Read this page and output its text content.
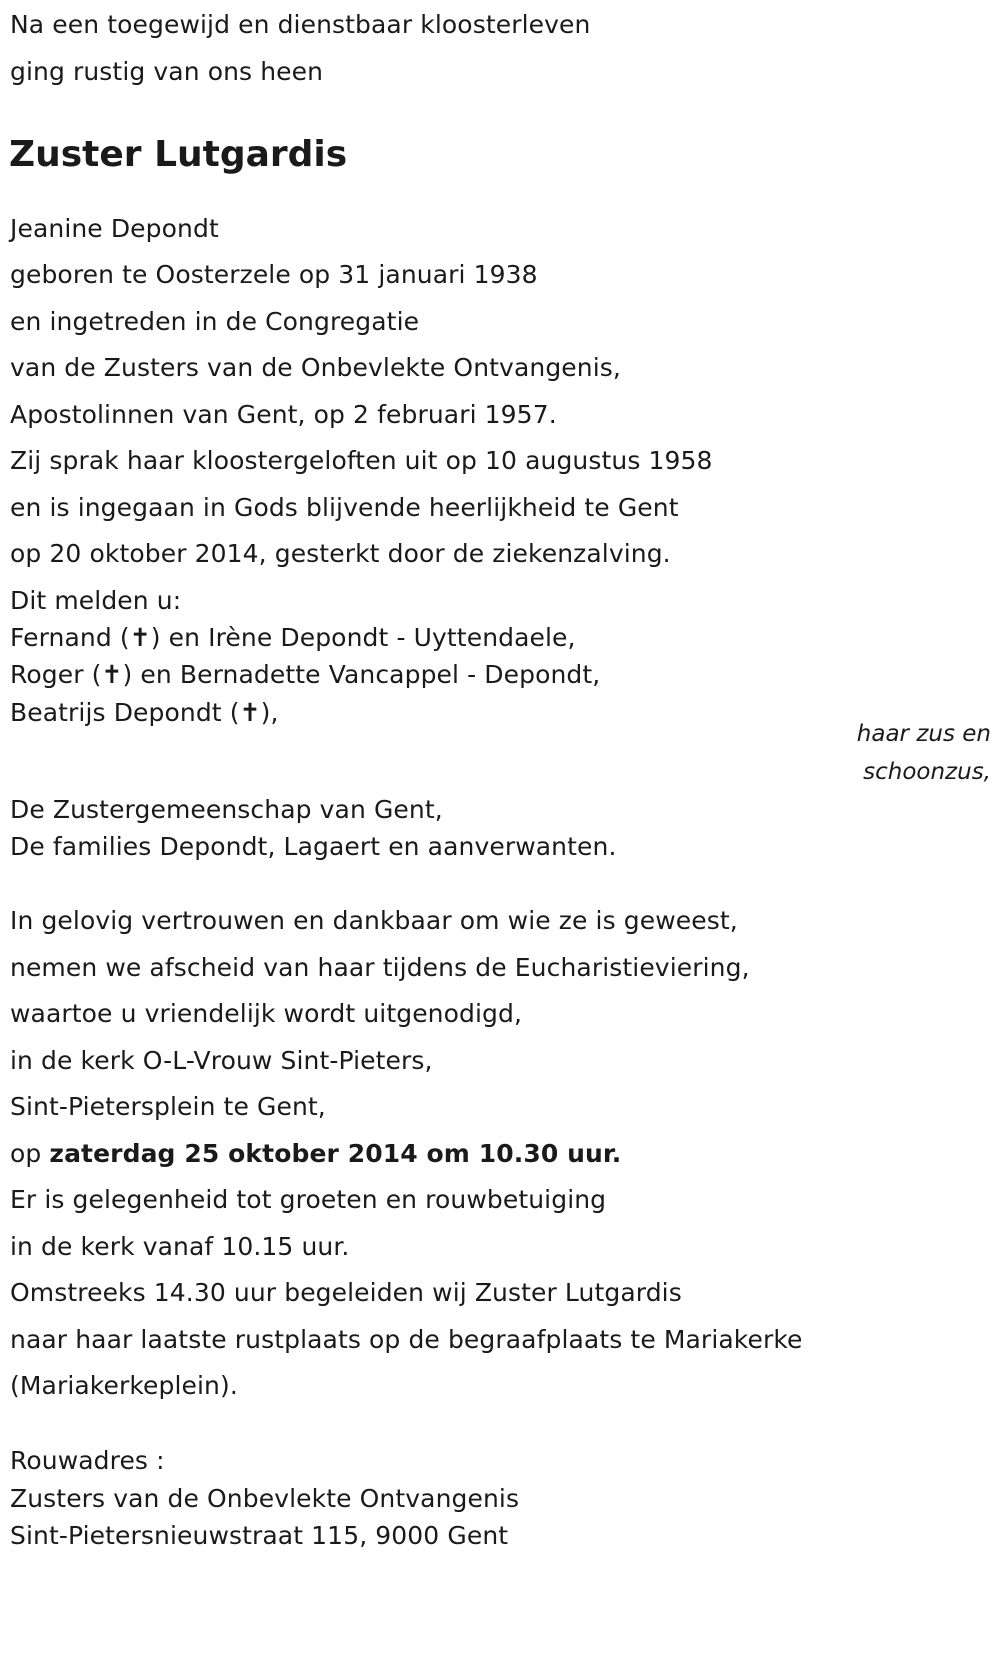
Na een toegewijd en dienstbaar kloosterleven
ging rustig van ons heen
Zuster Lutgardis
Jeanine Depondt
geboren te Oosterzele op 31 januari 1938
en ingetreden in de Congregatie
van de Zusters van de Onbevlekte Ontvangenis,
Apostolinnen van Gent, op 2 februari 1957.
Zij sprak haar kloostergeloften uit op 10 augustus 1958
en is ingegaan in Gods blijvende heerlijkheid te Gent
op 20 oktober 2014, gesterkt door de ziekenzalving.
Dit melden u:
Fernand (✝) en Irène Depondt - Uyttendaele,
Roger (✝) en Bernadette Vancappel - Depondt,
Beatrijs Depondt (✝),
haar zus en
schoonzus,
De Zustergemeenschap van Gent,
De families Depondt, Lagaert en aanverwanten.
In gelovig vertrouwen en dankbaar om wie ze is geweest,
nemen we afscheid van haar tijdens de Eucharistieviering,
waartoe u vriendelijk wordt uitgenodigd,
in de kerk O-L-Vrouw Sint-Pieters,
Sint-Pietersplein te Gent,
op zaterdag 25 oktober 2014 om 10.30 uur.
Er is gelegenheid tot groeten en rouwbetuiging
in de kerk vanaf 10.15 uur.
Omstreeks 14.30 uur begeleiden wij Zuster Lutgardis
naar haar laatste rustplaats op de begraafplaats te Mariakerke
(Mariakerkeplein).
Rouwadres :
Zusters van de Onbevlekte Ontvangenis
Sint-Pietersnieuwstraat 115, 9000 Gent
